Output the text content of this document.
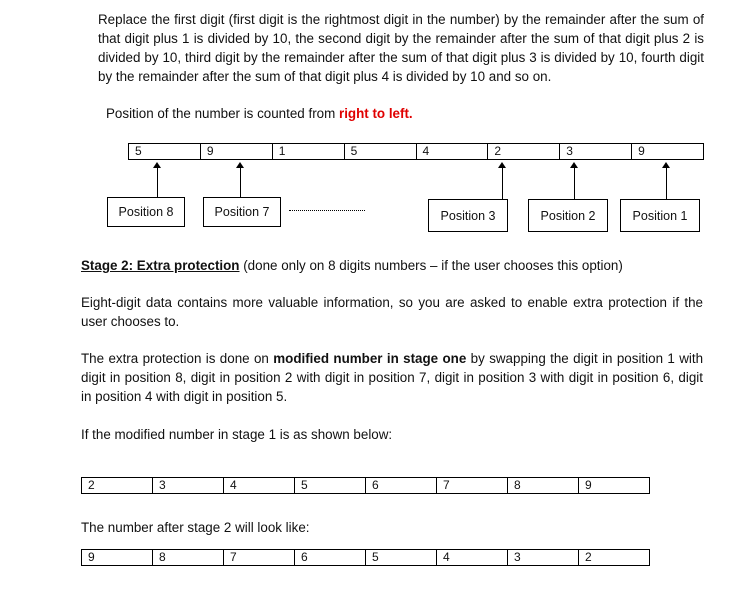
Replace the first digit (first digit is the rightmost digit in the number) by the remainder after the sum of that digit plus 1 is divided by 10, the second digit by the remainder after the sum of that digit plus 2 is divided by 10, third digit by the remainder after the sum of that digit plus 3 is divided by 10, fourth digit by the remainder after the sum of that digit plus 4 is divided by 10 and so on.
Position of the number is counted from right to left.
5	9	1	5	4	2	3	9
Position 8	Position 7	Position 3	Position 2	Position 1
Stage 2: Extra protection (done only on 8 digits numbers – if the user chooses this option)
Eight-digit data contains more valuable information, so you are asked to enable extra protection if the user chooses to.
The extra protection is done on modified number in stage one by swapping the digit in position 1 with digit in position 8, digit in position 2 with digit in position 7, digit in position 3 with digit in position 6, digit in position 4 with digit in position 5.
If the modified number in stage 1 is as shown below:
2	3	4	5	6	7	8	9
The number after stage 2 will look like:
9	8	7	6	5	4	3	2
